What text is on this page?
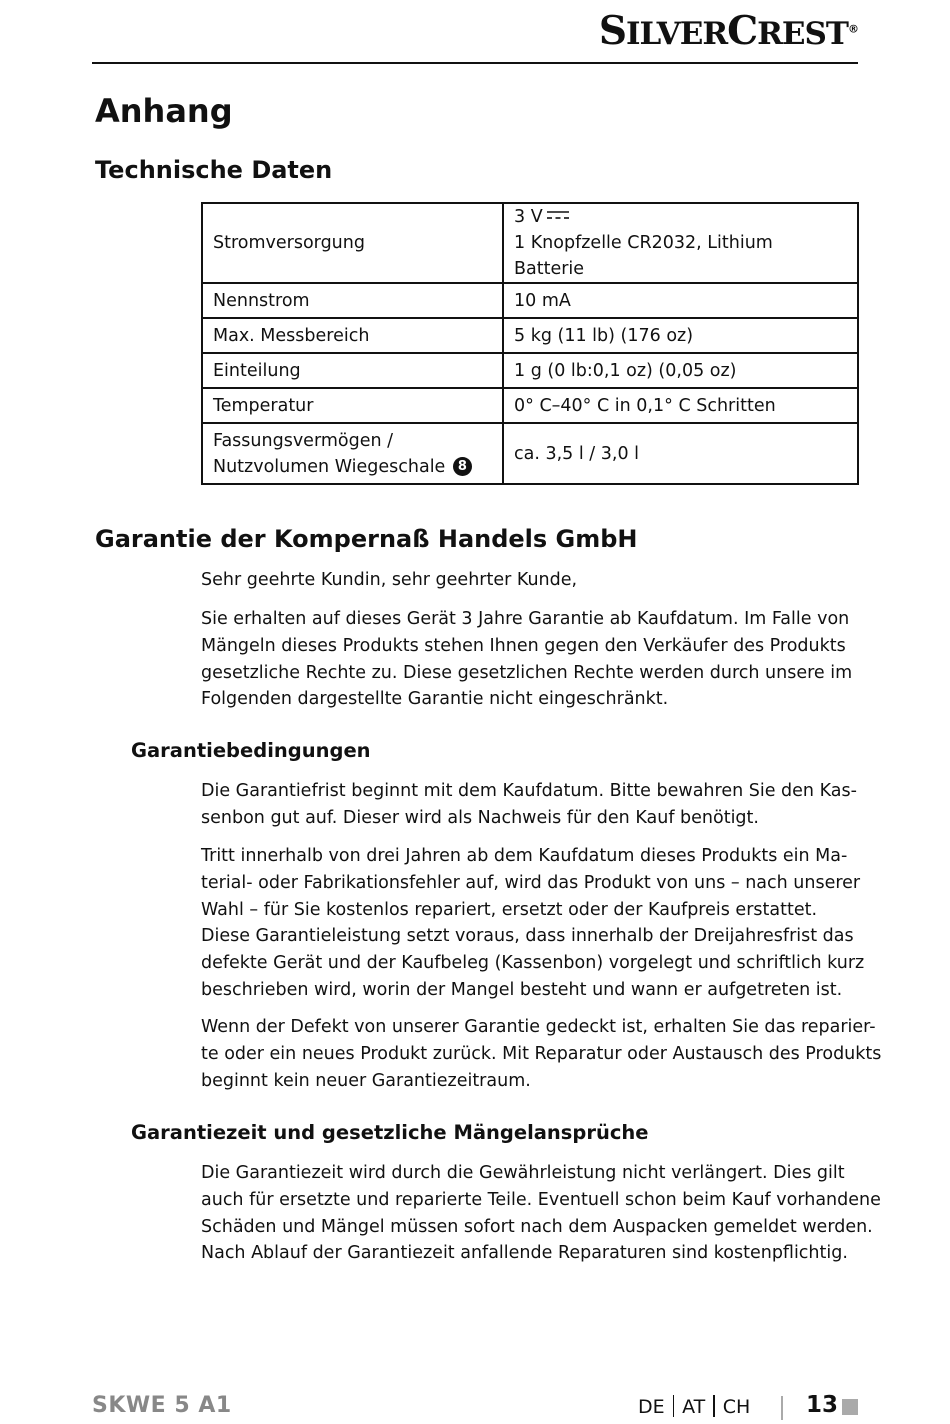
SILVERCREST®
Anhang
Technische Daten
Stromversorgung	3 V
1 Knopfzelle CR2032, Lithium Batterie
Nennstrom	10 mA
Max. Messbereich	5 kg (11 lb) (176 oz)
Einteilung	1 g (0 lb:0,1 oz) (0,05 oz)
Temperatur	0° C–40° C in 0,1° C Schritten
Fassungsvermögen /
Nutzvolumen Wiegeschale 8	ca. 3,5 l / 3,0 l
Garantie der Kompernaß Handels GmbH

Sehr geehrte Kundin, sehr geehrter Kunde,

Sie erhalten auf dieses Gerät 3 Jahre Garantie ab Kaufdatum. Im Falle von
Mängeln dieses Produkts stehen Ihnen gegen den Verkäufer des Produkts
gesetzliche Rechte zu. Diese gesetzlichen Rechte werden durch unsere im
Folgenden dargestellte Garantie nicht eingeschränkt.

Garantiebedingungen

Die Garantiefrist beginnt mit dem Kaufdatum. Bitte bewahren Sie den Kas-
senbon gut auf. Dieser wird als Nachweis für den Kauf benötigt.

Tritt innerhalb von drei Jahren ab dem Kaufdatum dieses Produkts ein Ma-
terial- oder Fabrikationsfehler auf, wird das Produkt von uns – nach unserer
Wahl – für Sie kostenlos repariert, ersetzt oder der Kaufpreis erstattet.
Diese Garantieleistung setzt voraus, dass innerhalb der Dreijahresfrist das
defekte Gerät und der Kaufbeleg (Kassenbon) vorgelegt und schriftlich kurz
beschrieben wird, worin der Mangel besteht und wann er aufgetreten ist.

Wenn der Defekt von unserer Garantie gedeckt ist, erhalten Sie das reparier-
te oder ein neues Produkt zurück. Mit Reparatur oder Austausch des Produkts
beginnt kein neuer Garantiezeitraum.

Garantiezeit und gesetzliche Mängelansprüche

Die Garantiezeit wird durch die Gewährleistung nicht verlängert. Dies gilt
auch für ersetzte und reparierte Teile. Eventuell schon beim Kauf vorhandene
Schäden und Mängel müssen sofort nach dem Auspacken gemeldet werden.
Nach Ablauf der Garantiezeit anfallende Reparaturen sind kostenpflichtig.

SKWE 5 A1	DE AT CH 13
